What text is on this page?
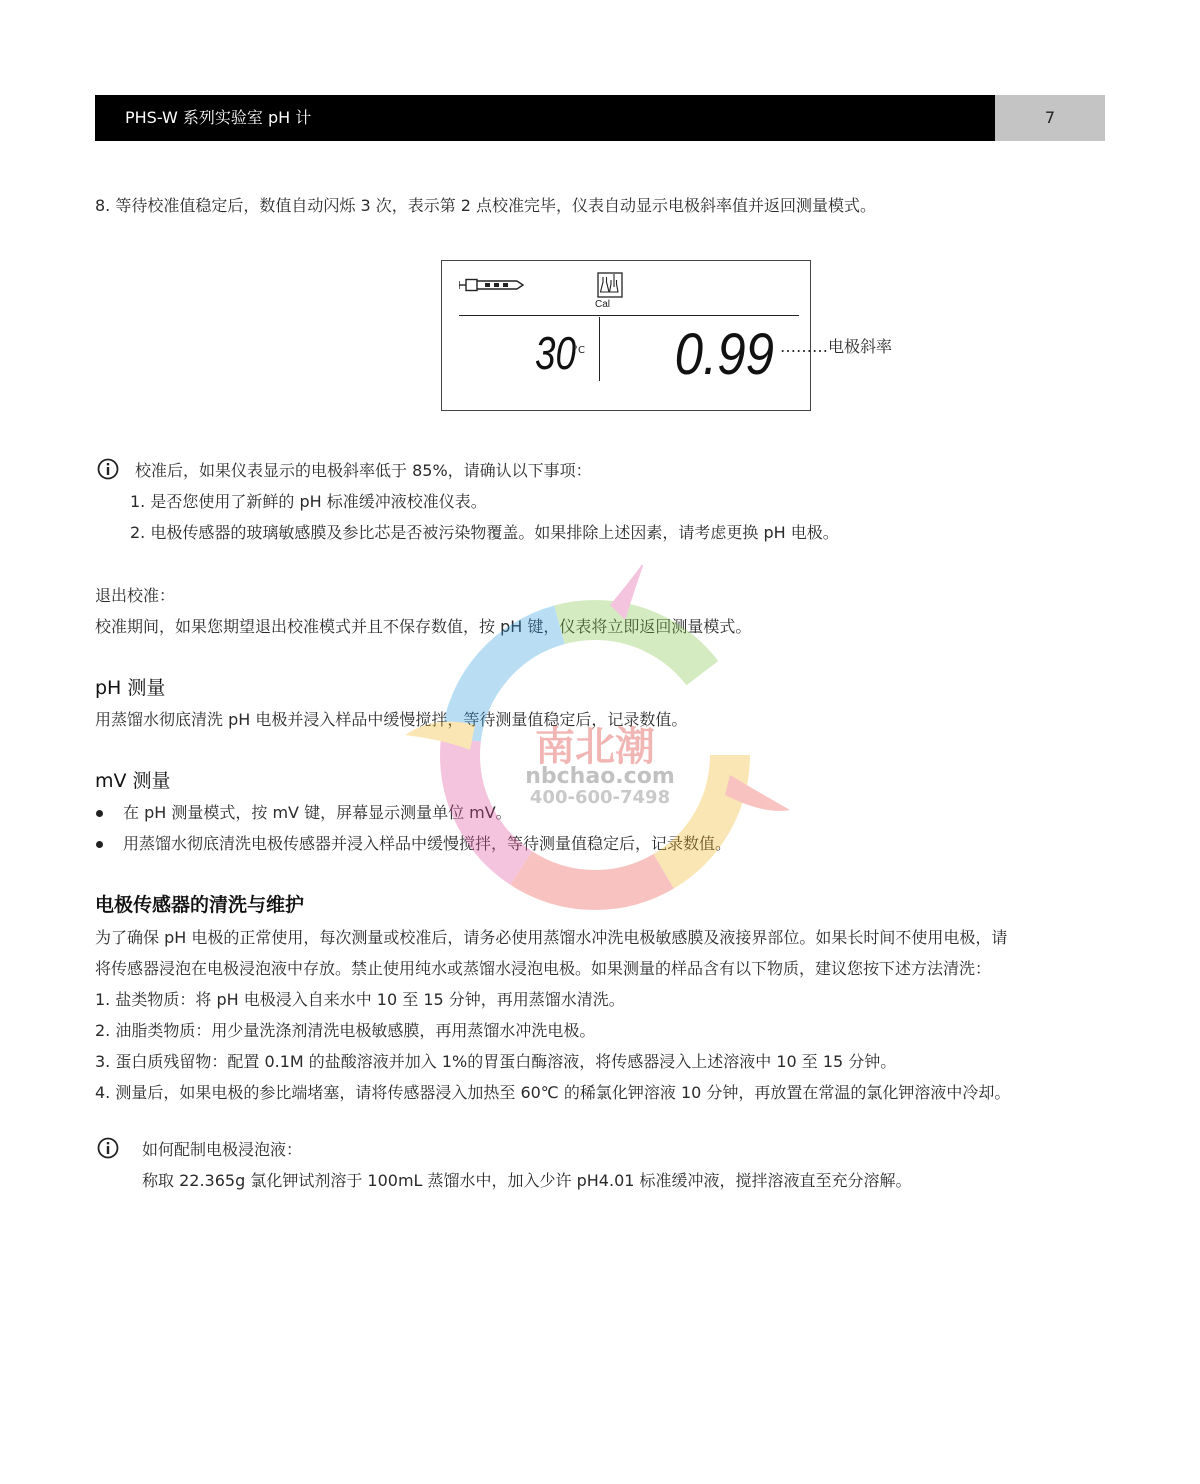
PHS-W 系列实验室 pH 计	7
8. 等待校准值稳定后，数值自动闪烁 3 次，表示第 2 点校准完毕，仪表自动显示电极斜率值并返回测量模式。
Cal
30
°C 0.99 ………电极斜率
校准后，如果仪表显示的电极斜率低于 85%，请确认以下事项：
1. 是否您使用了新鲜的 pH 标准缓冲液校准仪表。
2. 电极传感器的玻璃敏感膜及参比芯是否被污染物覆盖。如果排除上述因素，请考虑更换 pH 电极。
退出校准：
校准期间，如果您期望退出校准模式并且不保存数值，按 pH 键，仪表将立即返回测量模式。
pH 测量
用蒸馏水彻底清洗 pH 电极并浸入样品中缓慢搅拌，等待测量值稳定后，记录数值。
mV 测量
在 pH 测量模式，按 mV 键，屏幕显示测量单位 mV。
用蒸馏水彻底清洗电极传感器并浸入样品中缓慢搅拌，等待测量值稳定后，记录数值。
电极传感器的清洗与维护
为了确保 pH 电极的正常使用，每次测量或校准后，请务必使用蒸馏水冲洗电极敏感膜及液接界部位。如果长时间不使用电极，请
将传感器浸泡在电极浸泡液中存放。禁止使用纯水或蒸馏水浸泡电极。如果测量的样品含有以下物质，建议您按下述方法清洗：
1. 盐类物质：将 pH 电极浸入自来水中 10 至 15 分钟，再用蒸馏水清洗。
2. 油脂类物质：用少量洗涤剂清洗电极敏感膜，再用蒸馏水冲洗电极。
3. 蛋白质残留物：配置 0.1M 的盐酸溶液并加入 1%的胃蛋白酶溶液，将传感器浸入上述溶液中 10 至 15 分钟。
4. 测量后，如果电极的参比端堵塞，请将传感器浸入加热至 60℃ 的稀氯化钾溶液 10 分钟，再放置在常温的氯化钾溶液中冷却。
如何配制电极浸泡液：
称取 22.365g 氯化钾试剂溶于 100mL 蒸馏水中，加入少许 pH4.01 标准缓冲液，搅拌溶液直至充分溶解。
南北潮
nbchao.com
400-600-7498
